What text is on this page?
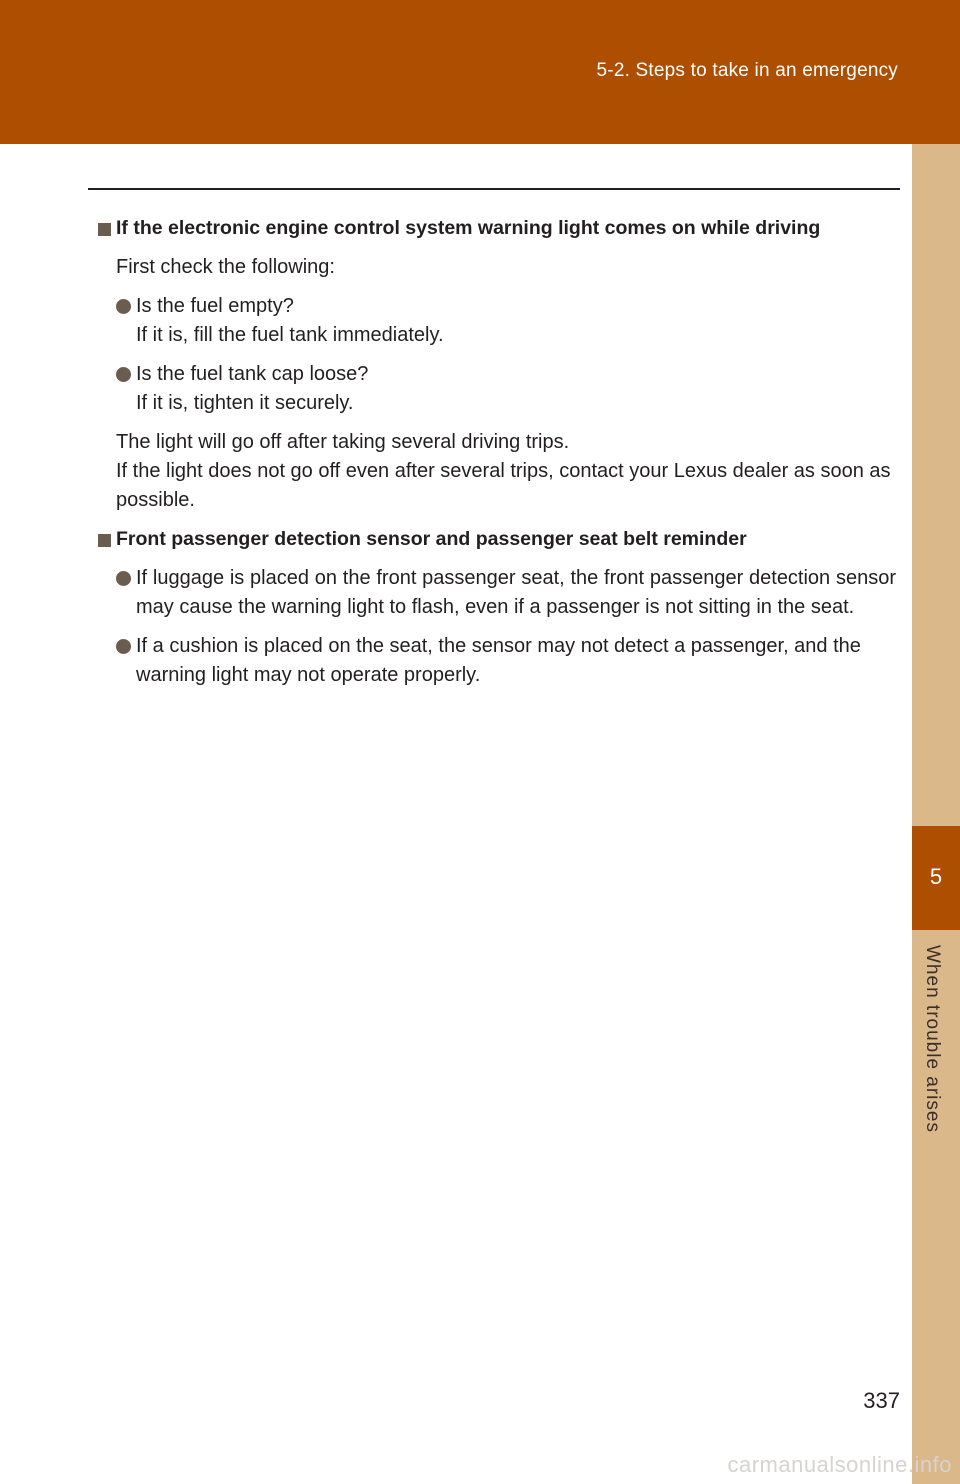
5-2. Steps to take in an emergency
5
When trouble arises
If the electronic engine control system warning light comes on while driving
First check the following:
Is the fuel empty?
If it is, fill the fuel tank immediately.
Is the fuel tank cap loose?
If it is, tighten it securely.
The light will go off after taking several driving trips.
If the light does not go off even after several trips, contact your Lexus dealer as soon as possible.
Front passenger detection sensor and passenger seat belt reminder
If luggage is placed on the front passenger seat, the front passenger detection sensor may cause the warning light to flash, even if a passenger is not sitting in the seat.
If a cushion is placed on the seat, the sensor may not detect a passenger, and the warning light may not operate properly.
337
carmanualsonline.info
